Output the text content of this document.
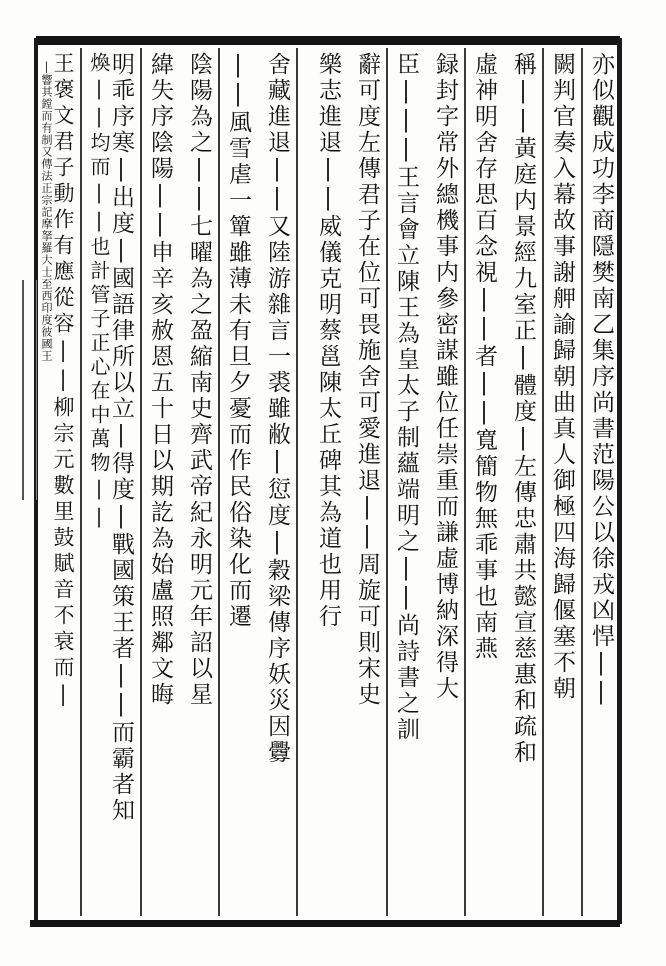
亦似觀成功李商隱樊南乙集序尚書范陽公以徐戎凶悍||
闕判官奏入幕故事謝舺諭歸朝曲真人御極四海歸偃塞不朝
稱||黃庭内景經九室正|體度|左傳忠肅共懿宣慈惠和疏和
虛神明舍存思百念視||者||寬簡物無乖事也南燕
録封字常外總機事内參密謀雖位任崇重而謙虛博納深得大
臣|||王言會立陳王為皇太子制蘊端明之||尚詩書之訓
辭可度左傳君子在位可畏施舍可愛進退||周旋可則宋史
樂志進退||威儀克明蔡邕陳太丘碑其為道也用行
舍藏進退||又陸游雜言一裘雖敝|愆度|穀梁傳序妖災因釁
||風雪虐一簞雖薄未有旦夕憂而作民俗染化而遷
陰陽為之||七曜為之盈縮南史齊武帝紀永明元年詔以星
緯失序陰陽||申辛亥赦恩五十日以期訖為始盧照鄰文晦
明乖序寒|出度|國語律所以立|得度|戰國策王者||而霸者知
煥||均而||也計管子正心在中萬物||
王褒文君子動作有應從容||柳宗元數里鼓賦音不衰而|
|響其鏜而有制又傳法正宗記摩拏羅大士至西印度彼國王
